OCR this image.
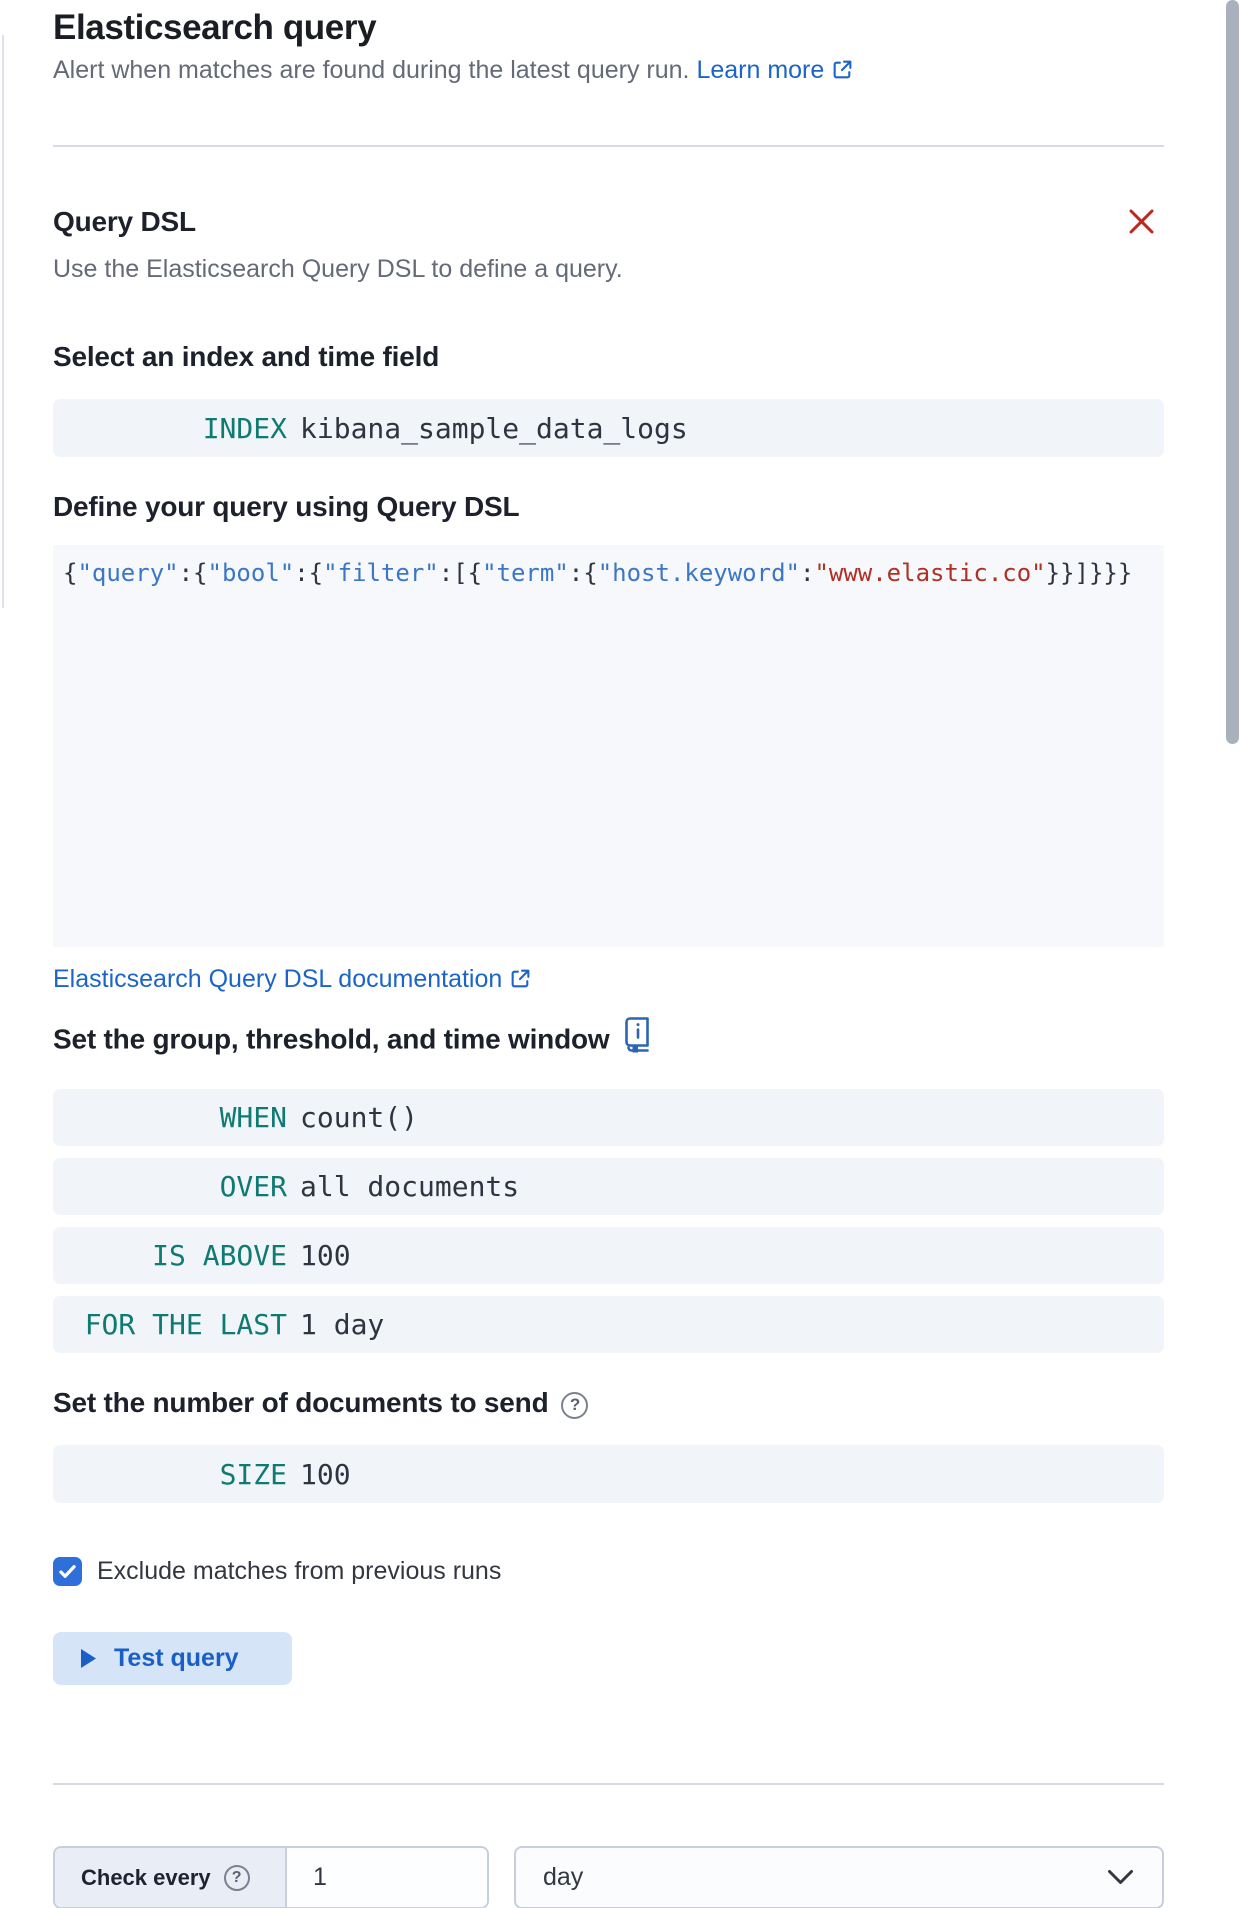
Elasticsearch query

Alert when matches are found during the latest query run. Learn more

Query DSL

Use the Elasticsearch Query DSL to define a query.

Select an index and time field
INDEX kibana_sample_data_logs
Define your query using Query DSL
{"query":{"bool":{"filter":[{"term":{"host.keyword":"www.elastic.co"}}]}}}

Elasticsearch Query DSL documentation

Set the group, threshold, and time window
WHEN count()
OVER all documents
IS ABOVE 100
FOR THE LAST 1 day
Set the number of documents to send ?
SIZE 100
Exclude matches from previous runs
Test query
Check every	?
1	day
